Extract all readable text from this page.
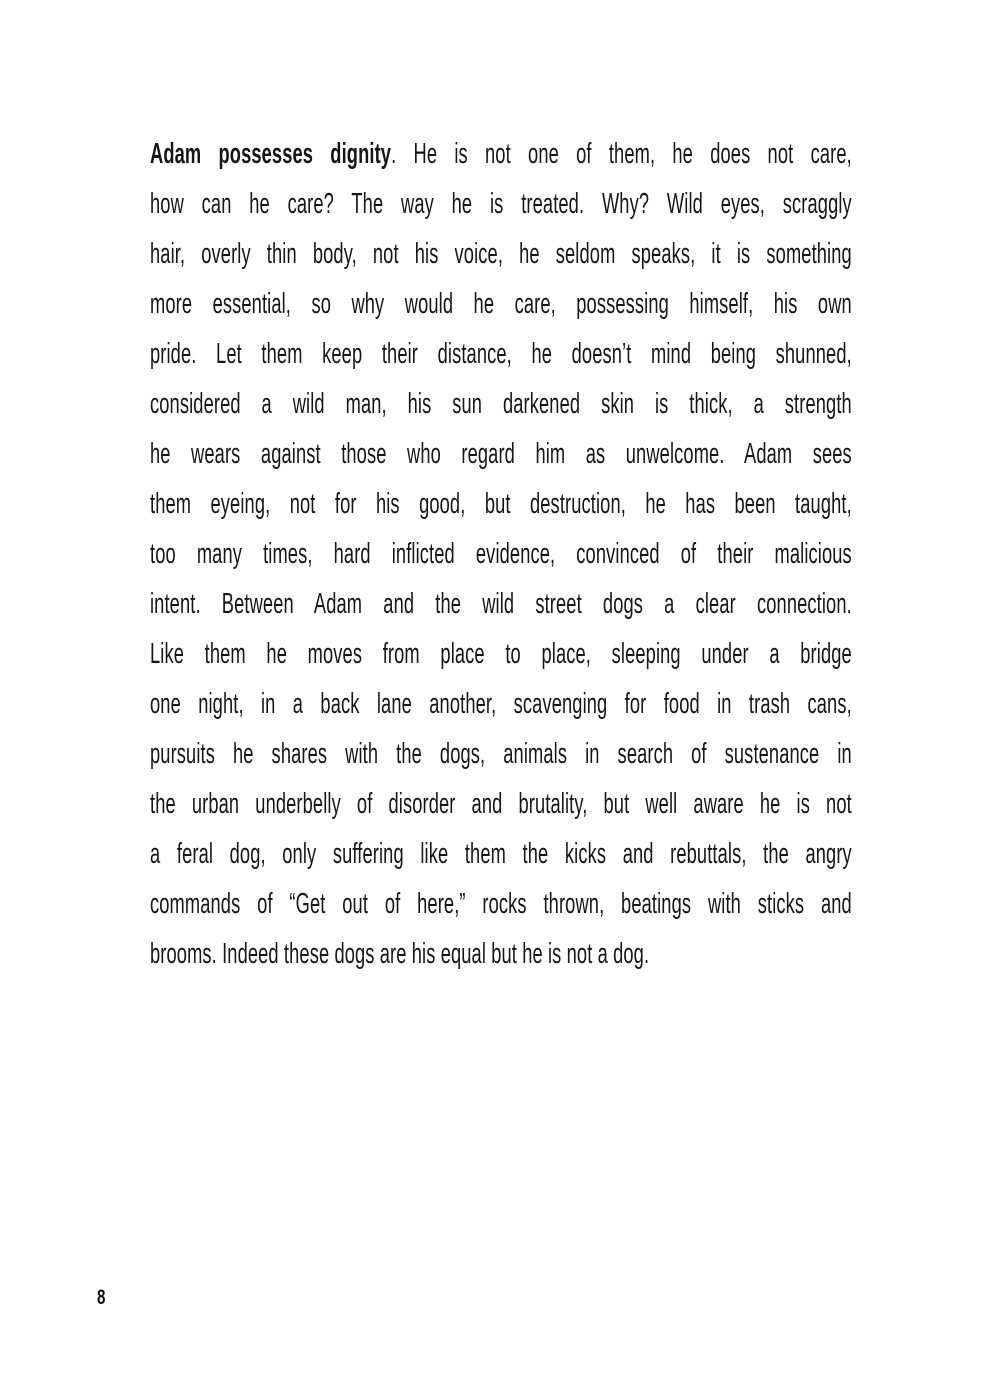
Adam possesses dignity. He is not one of them, he does not care,
how can he care? The way he is treated. Why? Wild eyes, scraggly
hair, overly thin body, not his voice, he seldom speaks, it is something
more essential, so why would he care, possessing himself, his own
pride. Let them keep their distance, he doesn’t mind being shunned,
considered a wild man, his sun darkened skin is thick, a strength
he wears against those who regard him as unwelcome. Adam sees
them eyeing, not for his good, but destruction, he has been taught,
too many times, hard inflicted evidence, convinced of their malicious
intent. Between Adam and the wild street dogs a clear connection.
Like them he moves from place to place, sleeping under a bridge
one night, in a back lane another, scavenging for food in trash cans,
pursuits he shares with the dogs, animals in search of sustenance in
the urban underbelly of disorder and brutality, but well aware he is not
a feral dog, only suffering like them the kicks and rebuttals, the angry
commands of “Get out of here,” rocks thrown, beatings with sticks and
brooms. Indeed these dogs are his equal but he is not a dog.
8
